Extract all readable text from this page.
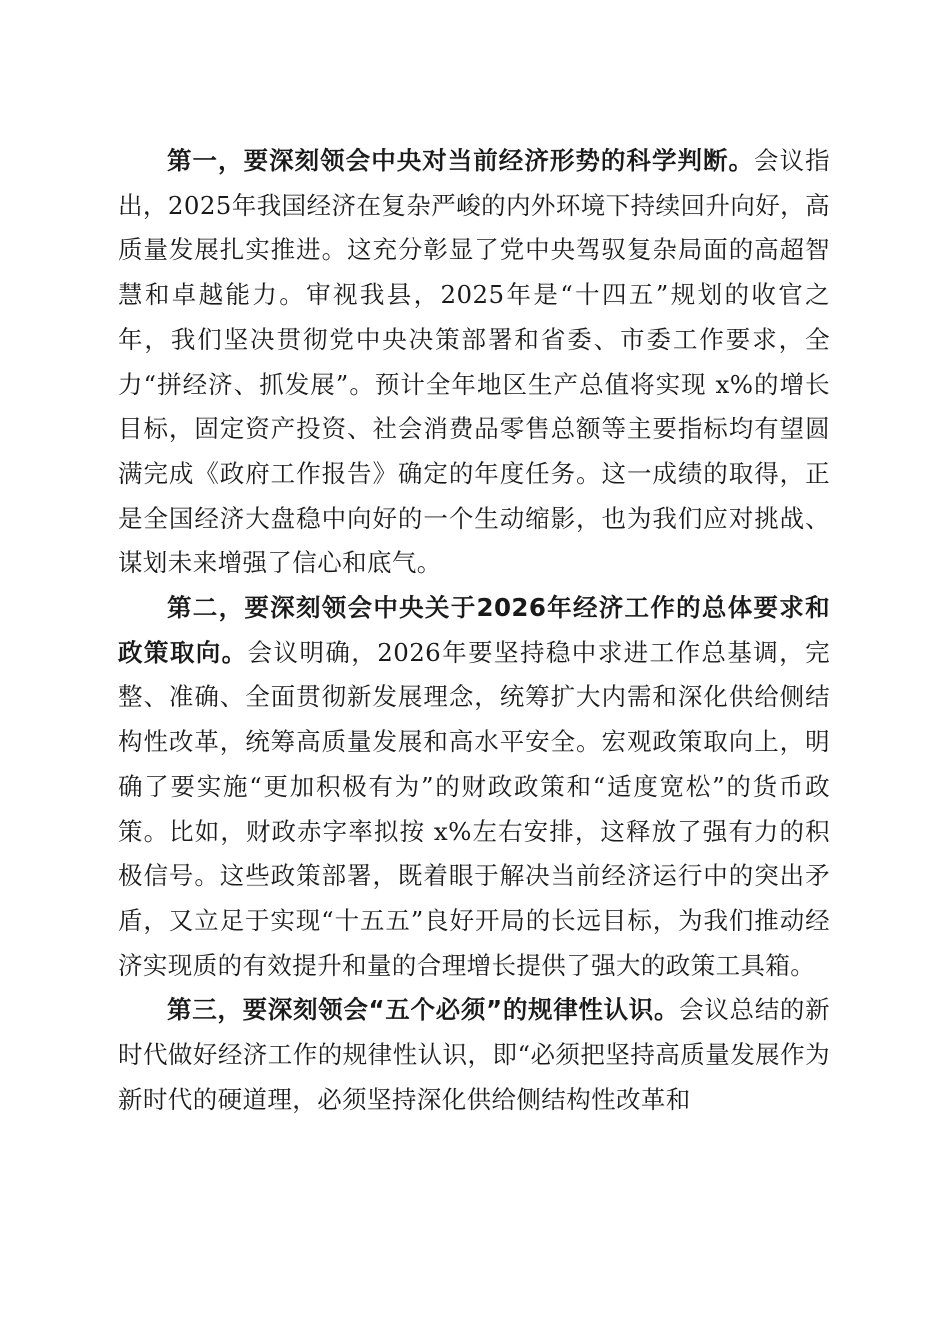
第一，要深刻领会中央对当前经济形势的科学判断。会议指出，2025年我国经济在复杂严峻的内外环境下持续回升向好，高质量发展扎实推进。这充分彰显了党中央驾驭复杂局面的高超智慧和卓越能力。审视我县，2025年是“十四五”规划的收官之年，我们坚决贯彻党中央决策部署和省委、市委工作要求，全力“拼经济、抓发展”。预计全年地区生产总值将实现 x%的增长目标，固定资产投资、社会消费品零售总额等主要指标均有望圆满完成《政府工作报告》确定的年度任务。这一成绩的取得，正是全国经济大盘稳中向好的一个生动缩影，也为我们应对挑战、谋划未来增强了信心和底气。

第二，要深刻领会中央关于2026年经济工作的总体要求和政策取向。会议明确，2026年要坚持稳中求进工作总基调，完整、准确、全面贯彻新发展理念，统筹扩大内需和深化供给侧结构性改革，统筹高质量发展和高水平安全。宏观政策取向上，明确了要实施“更加积极有为”的财政政策和“适度宽松”的货币政策。比如，财政赤字率拟按 x%左右安排，这释放了强有力的积极信号。这些政策部署，既着眼于解决当前经济运行中的突出矛盾，又立足于实现“十五五”良好开局的长远目标，为我们推动经济实现质的有效提升和量的合理增长提供了强大的政策工具箱。

第三，要深刻领会“五个必须”的规律性认识。会议总结的新时代做好经济工作的规律性认识，即“必须把坚持高质量发展作为新时代的硬道理，必须坚持深化供给侧结构性改革和
